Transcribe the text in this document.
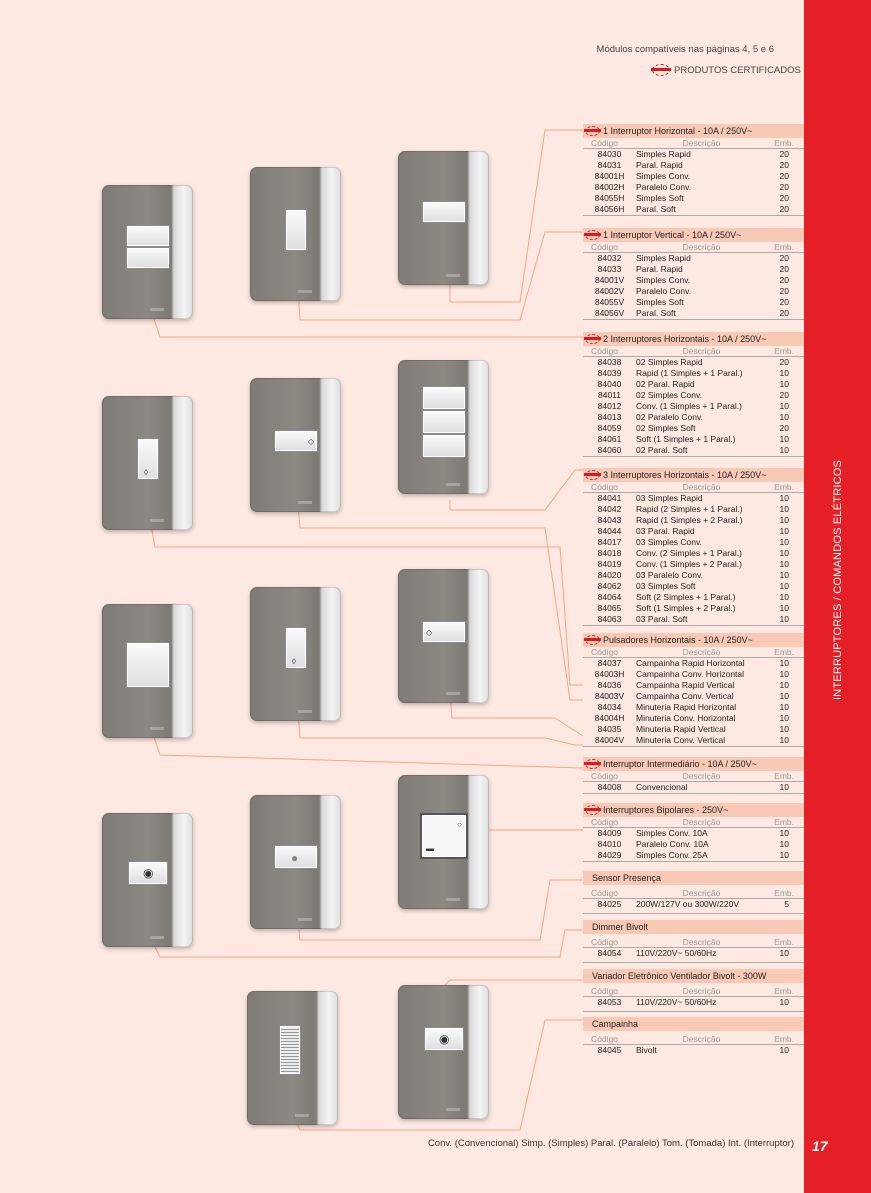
INTERRUPTORES / COMANDOS ELÉTRICOS
17
Módulos compatíveis nas páginas 4, 5 e 6
PRODUTOS CERTIFICADOS
◇
◊
◇
◊
○
▬
●
◉
◉
1 Interruptor Horizontal - 10A / 250V~
Código	Descrição	Emb.
84030	Simples Rapid	20
84031	Paral. Rapid	20
84001H	Simples Conv.	20
84002H	Paralelo Conv.	20
84055H	Simples Soft	20
84056H	Paral. Soft	20
1 Interruptor Vertical - 10A / 250V~
Código	Descrição	Emb.
84032	Simples Rapid	20
84033	Paral. Rapid	20
84001V	Simples Conv.	20
84002V	Paralelo Conv.	20
84055V	Simples Soft	20
84056V	Paral. Soft	20
2 Interruptores Horizontais - 10A / 250V~
Código	Descrição	Emb.
84038	02 Simples Rapid	20
84039	Rapid (1 Simples + 1 Paral.)	10
84040	02 Paral. Rapid	10
84011	02 Simples Conv.	20
84012	Conv. (1 Simples + 1 Paral.)	10
84013	02 Paralelo Conv.	10
84059	02 Simples Soft	20
84061	Soft (1 Simples + 1 Paral.)	10
84060	02 Paral. Soft	10
3 Interruptores Horizontais - 10A / 250V~
Código	Descrição	Emb.
84041	03 Simples Rapid	10
84042	Rapid (2 Simples + 1 Paral.)	10
84043	Rapid (1 Simples + 2 Paral.)	10
84044	03 Paral. Rapid	10
84017	03 Simples Conv.	10
84018	Conv. (2 Simples + 1 Paral.)	10
84019	Conv. (1 Simples + 2 Paral.)	10
84020	03 Paralelo Conv.	10
84062	03 Simples Soft	10
84064	Soft (2 Simples + 1 Paral.)	10
84065	Soft (1 Simples + 2 Paral.)	10
84063	03 Paral. Soft	10
Pulsadores Horizontais - 10A / 250V~
Código	Descrição	Emb.
84037	Campainha Rapid Horizontal	10
84003H	Campainha Conv. Horizontal	10
84036	Campainha Rapid Vertical	10
84003V	Campainha Conv. Vertical	10
84034	Minuteria Rapid Horizontal	10
84004H	Minuteria Conv. Horizontal	10
84035	Minuteria Rapid Vertical	10
84004V	Minuteria Conv. Vertical	10
Interruptor Intermediário - 10A / 250V~
Código	Descrição	Emb.
84008	Convencional	10
Interruptores Bipolares - 250V~
Código	Descrição	Emb.
84009	Simples Conv. 10A	10
84010	Paralelo Conv. 10A	10
84029	Simples Conv. 25A	10
Sensor Presença
Código	Descrição	Emb.
84025	200W/127V ou 300W/220V	5
Dimmer Bivolt
Código	Descrição	Emb.
84054	110V/220V~ 50/60Hz	10
Variador Eletrônico Ventilador Bivolt - 300W
Código	Descrição	Emb.
84053	110V/220V~ 50/60Hz	10
Campainha
Código	Descrição	Emb.
84045	Bivolt	10
Conv. (Convencional) Simp. (Simples) Paral. (Paralelo) Tom. (Tomada) Int. (Interruptor)
